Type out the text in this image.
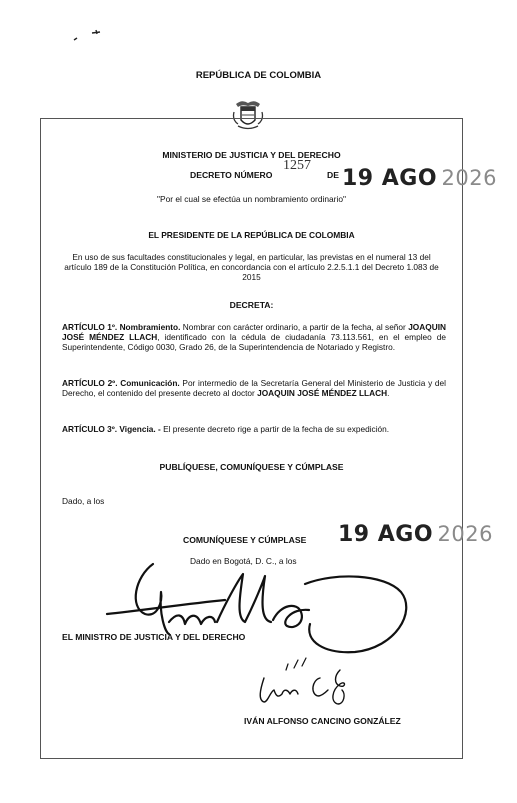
REPÚBLICA DE COLOMBIA
MINISTERIO DE JUSTICIA Y DEL DERECHO
DECRETO NÚMERO
1257
DE 19 AGO 2026
"Por el cual se efectúa un nombramiento ordinario"
EL PRESIDENTE DE LA REPÚBLICA DE COLOMBIA
En uso de sus facultades constitucionales y legal, en particular, las previstas en el numeral 13 del artículo 189 de la Constitución Política, en concordancia con el artículo 2.2.5.1.1 del Decreto 1.083 de 2015
DECRETA:
ARTÍCULO 1º. Nombramiento. Nombrar con carácter ordinario, a partir de la fecha, al señor JOAQUIN JOSÉ MÉNDEZ LLACH, identificado con la cédula de ciudadanía 73.113.561, en el empleo de Superintendente, Código 0030, Grado 26, de la Superintendencia de Notariado y Registro.
ARTÍCULO 2º. Comunicación. Por intermedio de la Secretaría General del Ministerio de Justicia y del Derecho, el contenido del presente decreto al doctor JOAQUIN JOSÉ MÉNDEZ LLACH.
ARTÍCULO 3º. Vigencia. - El presente decreto rige a partir de la fecha de su expedición.
PUBLÍQUESE, COMUNÍQUESE Y CÚMPLASE
Dado, a los
COMUNÍQUESE Y CÚMPLASE 19 AGO 2026
Dado en Bogotá, D. C., a los
EL MINISTRO DE JUSTICIA Y DEL DERECHO
IVÁN ALFONSO CANCINO GONZÁLEZ
